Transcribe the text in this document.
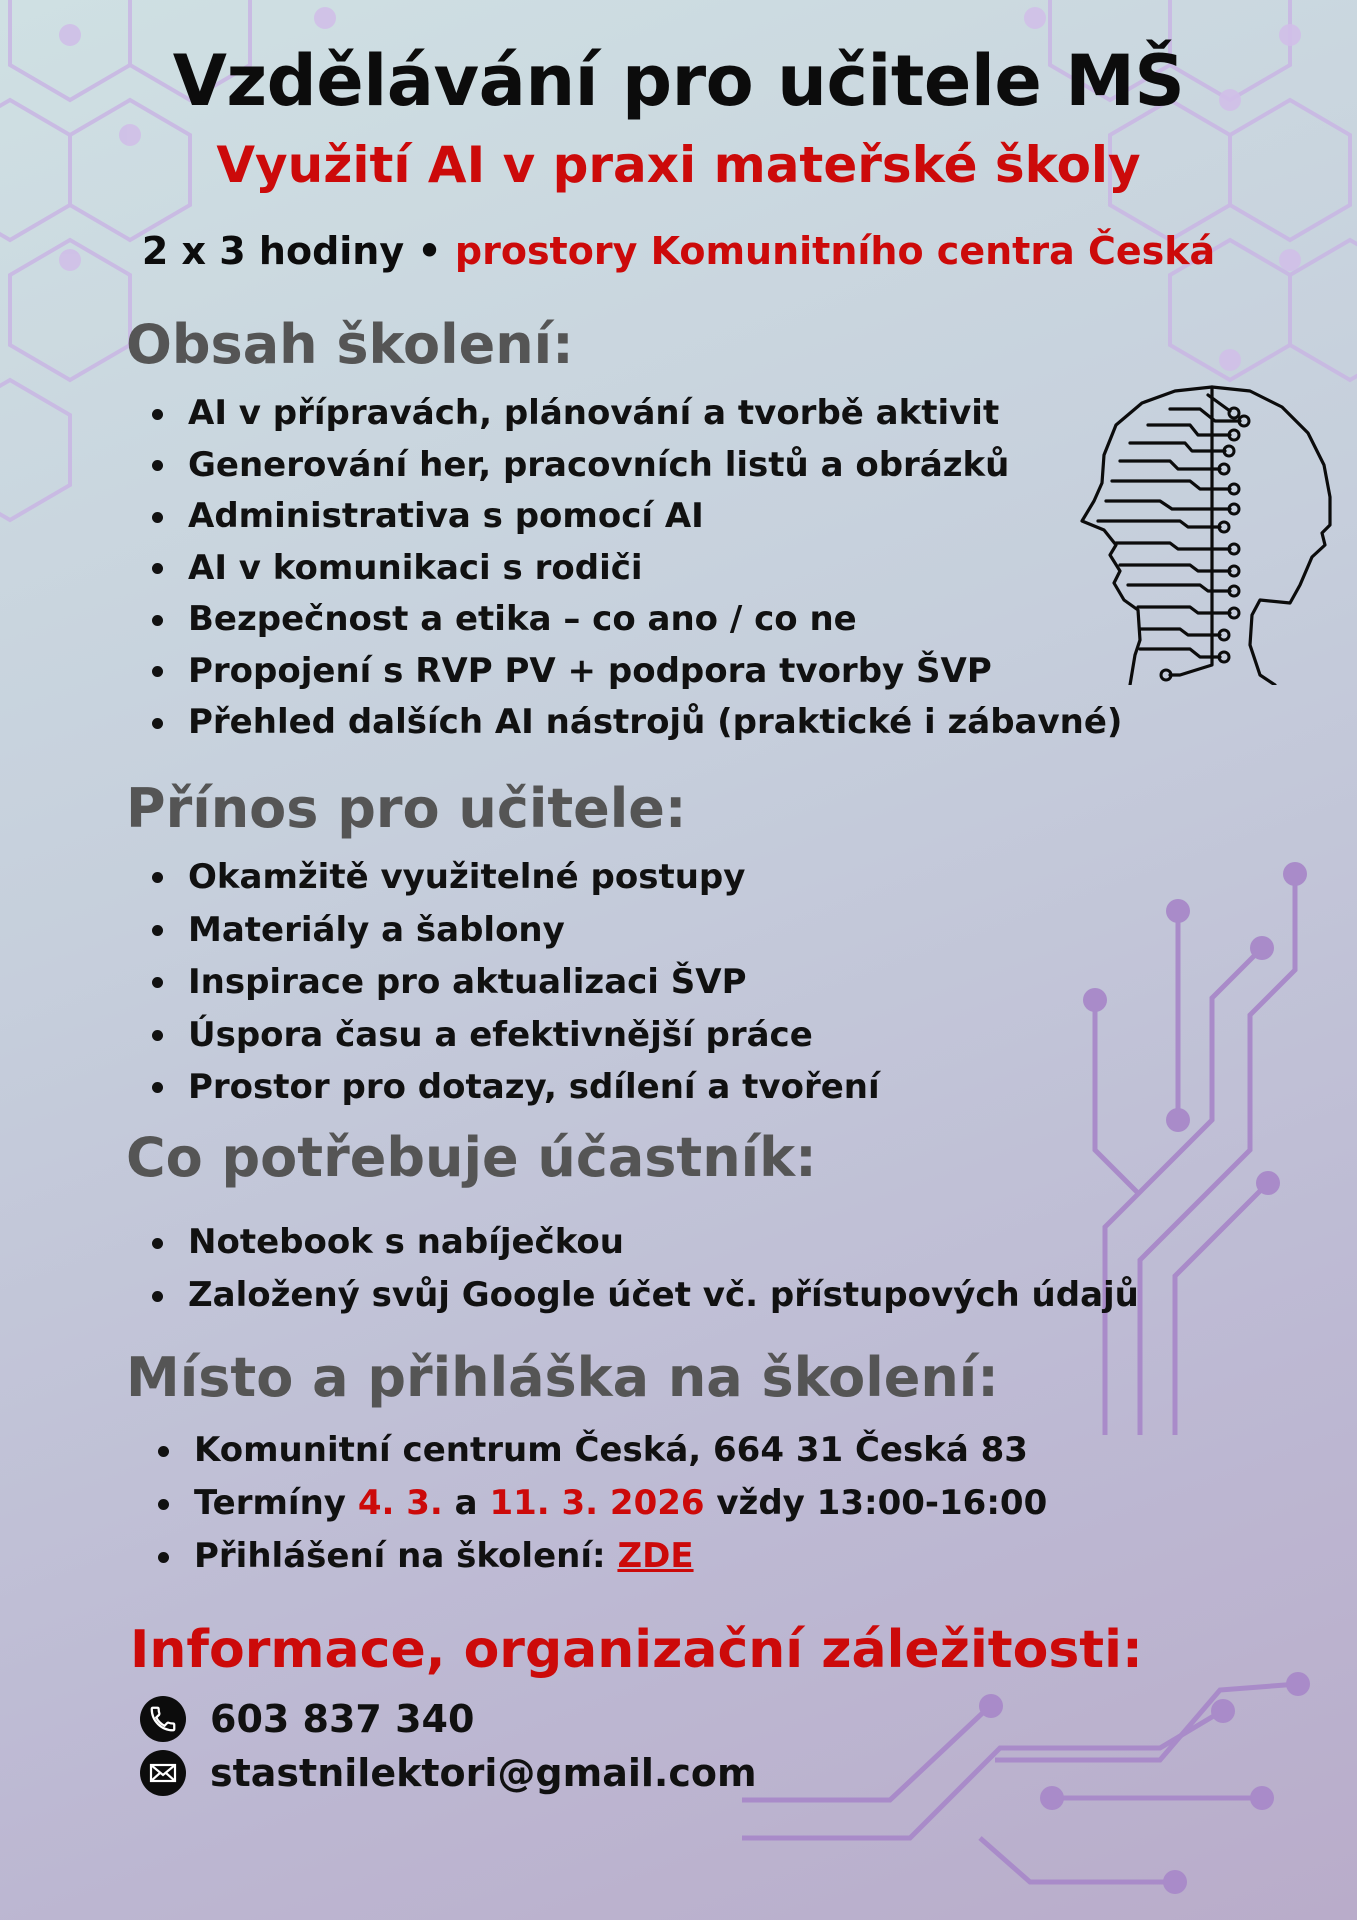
Vzdělávání pro učitele MŠ
Využití AI v praxi mateřské školy
2 x 3 hodiny • prostory Komunitního centra Česká
Obsah školení:
AI v přípravách, plánování a tvorbě aktivit
Generování her, pracovních listů a obrázků
Administrativa s pomocí AI
AI v komunikaci s rodiči
Bezpečnost a etika – co ano / co ne
Propojení s RVP PV + podpora tvorby ŠVP
Přehled dalších AI nástrojů (praktické i zábavné)
Přínos pro učitele:
Okamžitě využitelné postupy
Materiály a šablony
Inspirace pro aktualizaci ŠVP
Úspora času a efektivnější práce
Prostor pro dotazy, sdílení a tvoření
Co potřebuje účastník:
Notebook s nabíječkou
Založený svůj Google účet vč. přístupových údajů
Místo a přihláška na školení:
Komunitní centrum Česká, 664 31 Česká 83
Termíny 4. 3. a 11. 3. 2026 vždy 13:00-16:00
Přihlášení na školení: ZDE
Informace, organizační záležitosti:
603 837 340
stastnilektori@gmail.com
